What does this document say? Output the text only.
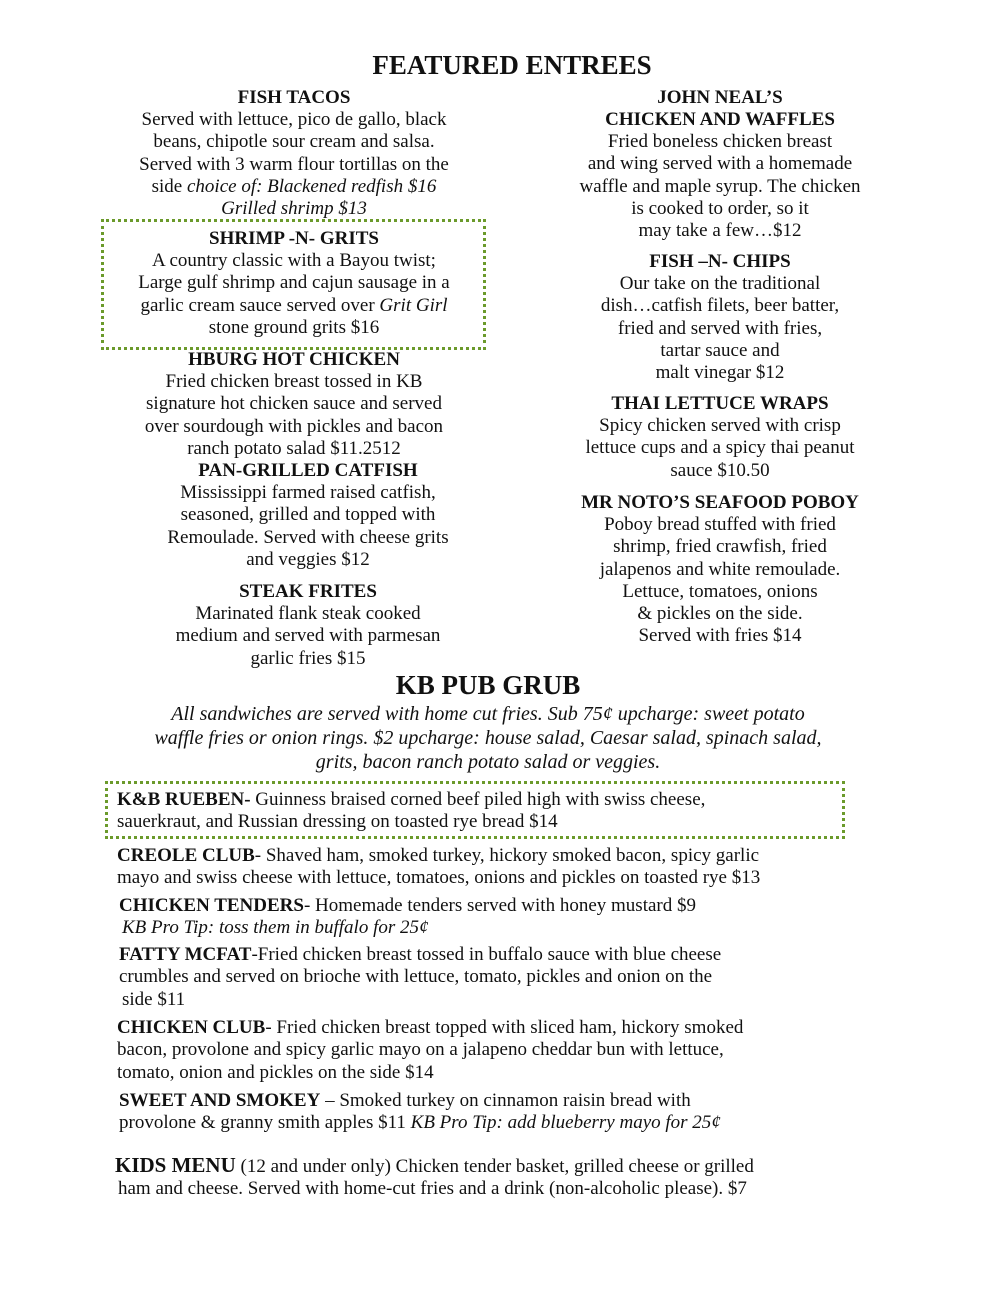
FEATURED ENTREES
FISH TACOS
Served with lettuce, pico de gallo, black
beans, chipotle sour cream and salsa.
Served with 3 warm flour tortillas on the
side choice of: Blackened redfish $16
Grilled shrimp $13
SHRIMP -N- GRITS
A country classic with a Bayou twist;
Large gulf shrimp and cajun sausage in a
garlic cream sauce served over Grit Girl
stone ground grits $16
HBURG HOT CHICKEN
Fried chicken breast tossed in KB
signature hot chicken sauce and served
over sourdough with pickles and bacon
ranch potato salad $11.2512
PAN-GRILLED CATFISH
Mississippi farmed raised catfish,
seasoned, grilled and topped with
Remoulade. Served with cheese grits
and veggies $12
STEAK FRITES
Marinated flank steak cooked
medium and served with parmesan
garlic fries $15
JOHN NEAL’S
CHICKEN AND WAFFLES
Fried boneless chicken breast
and wing served with a homemade
waffle and maple syrup. The chicken
is cooked to order, so it
may take a few…$12
FISH –N- CHIPS
Our take on the traditional
dish…catfish filets, beer batter,
fried and served with fries,
tartar sauce and
malt vinegar $12
THAI LETTUCE WRAPS
Spicy chicken served with crisp
lettuce cups and a spicy thai peanut
sauce $10.50
MR NOTO’S SEAFOOD POBOY
Poboy bread stuffed with fried
shrimp, fried crawfish, fried
jalapenos and white remoulade.
Lettuce, tomatoes, onions
& pickles on the side.
Served with fries $14
KB PUB GRUB
All sandwiches are served with home cut fries. Sub 75¢ upcharge: sweet potato
waffle fries or onion rings. $2 upcharge: house salad, Caesar salad, spinach salad,
grits, bacon ranch potato salad or veggies.
K&B RUEBEN- Guinness braised corned beef piled high with swiss cheese,
sauerkraut, and Russian dressing on toasted rye bread $14
CREOLE CLUB- Shaved ham, smoked turkey, hickory smoked bacon, spicy garlic
mayo and swiss cheese with lettuce, tomatoes, onions and pickles on toasted rye $13
CHICKEN TENDERS- Homemade tenders served with honey mustard $9
KB Pro Tip: toss them in buffalo for 25¢
FATTY MCFAT-Fried chicken breast tossed in buffalo sauce with blue cheese
crumbles and served on brioche with lettuce, tomato, pickles and onion on the
side $11
CHICKEN CLUB- Fried chicken breast topped with sliced ham, hickory smoked
bacon, provolone and spicy garlic mayo on a jalapeno cheddar bun with lettuce,
tomato, onion and pickles on the side $14
SWEET AND SMOKEY – Smoked turkey on cinnamon raisin bread with
provolone & granny smith apples $11 KB Pro Tip: add blueberry mayo for 25¢
KIDS MENU (12 and under only) Chicken tender basket, grilled cheese or grilled
ham and cheese. Served with home-cut fries and a drink (non-alcoholic please). $7
